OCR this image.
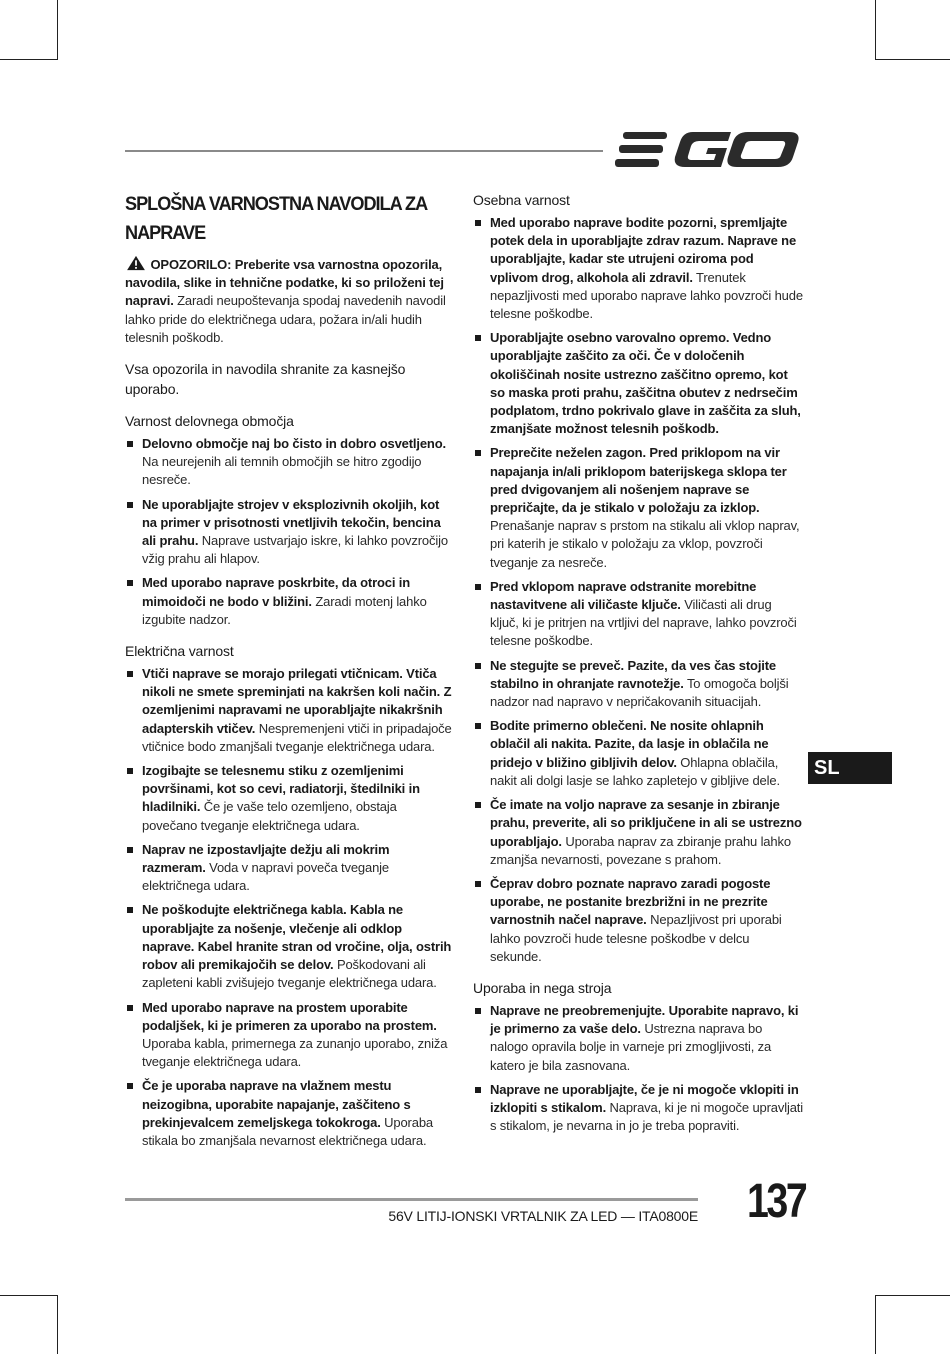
SPLOŠNA VARNOSTNA NAVODILA ZA NAPRAVE
OPOZORILO: Preberite vsa varnostna opozorila, navodila, slike in tehnične podatke, ki so priloženi tej napravi. Zaradi neupoštevanja spodaj navedenih navodil lahko pride do električnega udara, požara in/ali hudih telesnih poškodb.
Vsa opozorila in navodila shranite za kasnejšo uporabo.
Varnost delovnega območja
Delovno območje naj bo čisto in dobro osvetljeno. Na neurejenih ali temnih območjih se hitro zgodijo nesreče.
Ne uporabljajte strojev v eksplozivnih okoljih, kot na primer v prisotnosti vnetljivih tekočin, bencina ali prahu. Naprave ustvarjajo iskre, ki lahko povzročijo vžig prahu ali hlapov.
Med uporabo naprave poskrbite, da otroci in mimoidoči ne bodo v bližini. Zaradi motenj lahko izgubite nadzor.
Električna varnost
Vtiči naprave se morajo prilegati vtičnicam. Vtiča nikoli ne smete spreminjati na kakršen koli način. Z ozemljenimi napravami ne uporabljajte nikakršnih adapterskih vtičev. Nespremenjeni vtiči in pripadajoče vtičnice bodo zmanjšali tveganje električnega udara.
Izogibajte se telesnemu stiku z ozemljenimi površinami, kot so cevi, radiatorji, štedilniki in hladilniki. Če je vaše telo ozemljeno, obstaja povečano tveganje električnega udara.
Naprav ne izpostavljajte dežju ali mokrim razmeram. Voda v napravi poveča tveganje električnega udara.
Ne poškodujte električnega kabla. Kabla ne uporabljajte za nošenje, vlečenje ali odklop naprave. Kabel hranite stran od vročine, olja, ostrih robov ali premikajočih se delov. Poškodovani ali zapleteni kabli zvišujejo tveganje električnega udara.
Med uporabo naprave na prostem uporabite podaljšek, ki je primeren za uporabo na prostem. Uporaba kabla, primernega za zunanjo uporabo, zniža tveganje električnega udara.
Če je uporaba naprave na vlažnem mestu neizogibna, uporabite napajanje, zaščiteno s prekinjevalcem zemeljskega tokokroga. Uporaba stikala bo zmanjšala nevarnost električnega udara.
Osebna varnost
Med uporabo naprave bodite pozorni, spremljajte potek dela in uporabljajte zdrav razum. Naprave ne uporabljajte, kadar ste utrujeni oziroma pod vplivom drog, alkohola ali zdravil. Trenutek nepazljivosti med uporabo naprave lahko povzroči hude telesne poškodbe.
Uporabljajte osebno varovalno opremo. Vedno uporabljajte zaščito za oči. Če v določenih okoliščinah nosite ustrezno zaščitno opremo, kot so maska proti prahu, zaščitna obutev z nedrsečim podplatom, trdno pokrivalo glave in zaščita za sluh, zmanjšate možnost telesnih poškodb.
Preprečite neželen zagon. Pred priklopom na vir napajanja in/ali priklopom baterijskega sklopa ter pred dvigovanjem ali nošenjem naprave se prepričajte, da je stikalo v položaju za izklop. Prenašanje naprav s prstom na stikalu ali vklop naprav, pri katerih je stikalo v položaju za vklop, povzroči tveganje za nesreče.
Pred vklopom naprave odstranite morebitne nastavitvene ali viličaste ključe. Viličasti ali drug ključ, ki je pritrjen na vrtljivi del naprave, lahko povzroči telesne poškodbe.
Ne stegujte se preveč. Pazite, da ves čas stojite stabilno in ohranjate ravnotežje. To omogoča boljši nadzor nad napravo v nepričakovanih situacijah.
Bodite primerno oblečeni. Ne nosite ohlapnih oblačil ali nakita. Pazite, da lasje in oblačila ne pridejo v bližino gibljivih delov. Ohlapna oblačila, nakit ali dolgi lasje se lahko zapletejo v gibljive dele.
Če imate na voljo naprave za sesanje in zbiranje prahu, preverite, ali so priključene in ali se ustrezno uporabljajo. Uporaba naprav za zbiranje prahu lahko zmanjša nevarnosti, povezane s prahom.
Čeprav dobro poznate napravo zaradi pogoste uporabe, ne postanite brezbrižni in ne prezrite varnostnih načel naprave. Nepazljivost pri uporabi lahko povzroči hude telesne poškodbe v delcu sekunde.
Uporaba in nega stroja
Naprave ne preobremenjujte. Uporabite napravo, ki je primerno za vaše delo. Ustrezna naprava bo nalogo opravila bolje in varneje pri zmogljivosti, za katero je bila zasnovana.
Naprave ne uporabljajte, če je ni mogoče vklopiti in izklopiti s stikalom. Naprava, ki je ni mogoče upravljati s stikalom, je nevarna in jo je treba popraviti.
SL
56V LITIJ-IONSKI VRTALNIK ZA LED — ITA0800E 137
